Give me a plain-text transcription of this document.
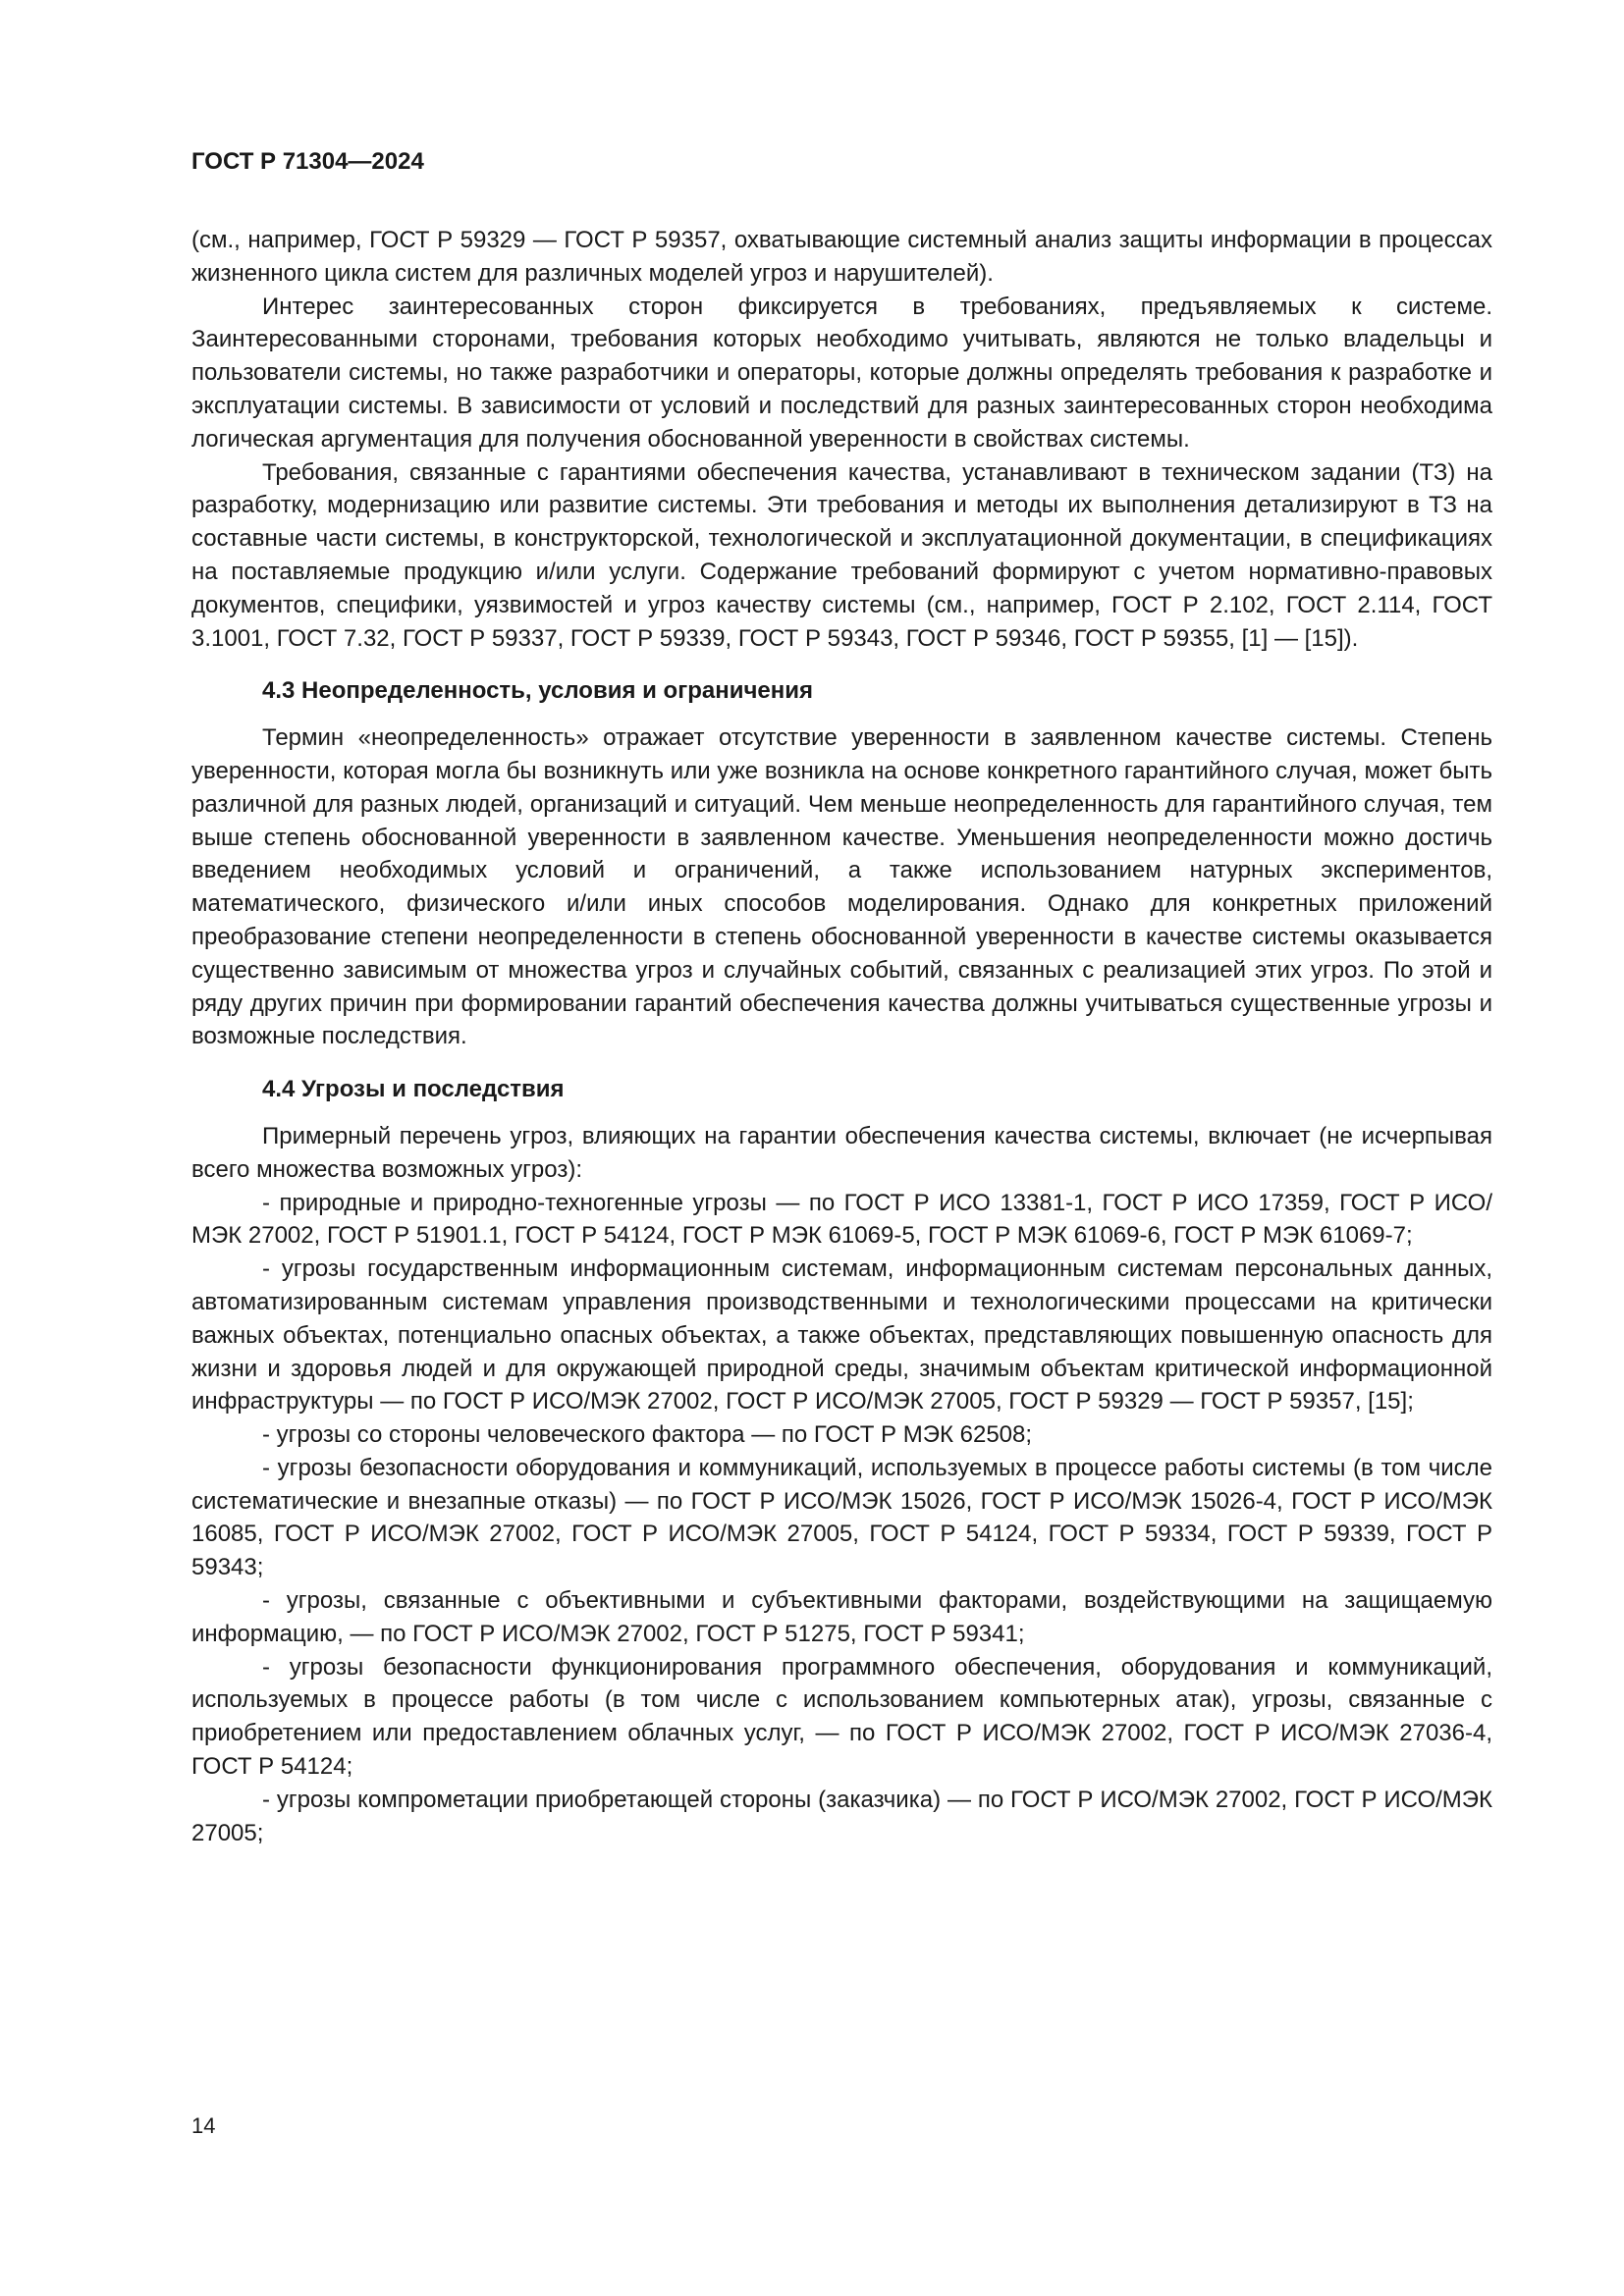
ГОСТ Р 71304—2024

(см., например, ГОСТ Р 59329 — ГОСТ Р 59357, охватывающие системный анализ защиты информации в процессах жизненного цикла систем для различных моделей угроз и нарушителей).

Интерес заинтересованных сторон фиксируется в требованиях, предъявляемых к системе. Заинтересованными сторонами, требования которых необходимо учитывать, являются не только владельцы и пользователи системы, но также разработчики и операторы, которые должны определять требования к разработке и эксплуатации системы. В зависимости от условий и последствий для разных заинтересованных сторон необходима логическая аргументация для получения обоснованной уверенности в свойствах системы.

Требования, связанные с гарантиями обеспечения качества, устанавливают в техническом задании (ТЗ) на разработку, модернизацию или развитие системы. Эти требования и методы их выполнения детализируют в ТЗ на составные части системы, в конструкторской, технологической и эксплуатационной документации, в спецификациях на поставляемые продукцию и/или услуги. Содержание требований формируют с учетом нормативно-правовых документов, специфики, уязвимостей и угроз качеству системы (см., например, ГОСТ Р 2.102, ГОСТ 2.114, ГОСТ 3.1001, ГОСТ 7.32, ГОСТ Р 59337, ГОСТ Р 59339, ГОСТ Р 59343, ГОСТ Р 59346, ГОСТ Р 59355, [1] — [15]).

4.3 Неопределенность, условия и ограничения

Термин «неопределенность» отражает отсутствие уверенности в заявленном качестве системы. Степень уверенности, которая могла бы возникнуть или уже возникла на основе конкретного гарантийного случая, может быть различной для разных людей, организаций и ситуаций. Чем меньше неопределенность для гарантийного случая, тем выше степень обоснованной уверенности в заявленном качестве. Уменьшения неопределенности можно достичь введением необходимых условий и ограничений, а также использованием натурных экспериментов, математического, физического и/или иных способов моделирования. Однако для конкретных приложений преобразование степени неопределенности в степень обоснованной уверенности в качестве системы оказывается существенно зависимым от множества угроз и случайных событий, связанных с реализацией этих угроз. По этой и ряду других причин при формировании гарантий обеспечения качества должны учитываться существенные угрозы и возможные последствия.

4.4 Угрозы и последствия

Примерный перечень угроз, влияющих на гарантии обеспечения качества системы, включает (не исчерпывая всего множества возможных угроз):

- природные и природно-техногенные угрозы — по ГОСТ Р ИСО 13381-1, ГОСТ Р ИСО 17359, ГОСТ Р ИСО/МЭК 27002, ГОСТ Р 51901.1, ГОСТ Р 54124, ГОСТ Р МЭК 61069-5, ГОСТ Р МЭК 61069-6, ГОСТ Р МЭК 61069-7;

- угрозы государственным информационным системам, информационным системам персональных данных, автоматизированным системам управления производственными и технологическими процессами на критически важных объектах, потенциально опасных объектах, а также объектах, представляющих повышенную опасность для жизни и здоровья людей и для окружающей природной среды, значимым объектам критической информационной инфраструктуры — по ГОСТ Р ИСО/МЭК 27002, ГОСТ Р ИСО/МЭК 27005, ГОСТ Р 59329 — ГОСТ Р 59357, [15];

- угрозы со стороны человеческого фактора — по ГОСТ Р МЭК 62508;

- угрозы безопасности оборудования и коммуникаций, используемых в процессе работы системы (в том числе систематические и внезапные отказы) — по ГОСТ Р ИСО/МЭК 15026, ГОСТ Р ИСО/МЭК 15026-4, ГОСТ Р ИСО/МЭК 16085, ГОСТ Р ИСО/МЭК 27002, ГОСТ Р ИСО/МЭК 27005, ГОСТ Р 54124, ГОСТ Р 59334, ГОСТ Р 59339, ГОСТ Р 59343;

- угрозы, связанные с объективными и субъективными факторами, воздействующими на защищаемую информацию, — по ГОСТ Р ИСО/МЭК 27002, ГОСТ Р 51275, ГОСТ Р 59341;

- угрозы безопасности функционирования программного обеспечения, оборудования и коммуникаций, используемых в процессе работы (в том числе с использованием компьютерных атак), угрозы, связанные с приобретением или предоставлением облачных услуг, — по ГОСТ Р ИСО/МЭК 27002, ГОСТ Р ИСО/МЭК 27036-4, ГОСТ Р 54124;

- угрозы компрометации приобретающей стороны (заказчика) — по ГОСТ Р ИСО/МЭК 27002, ГОСТ Р ИСО/МЭК 27005;

14
